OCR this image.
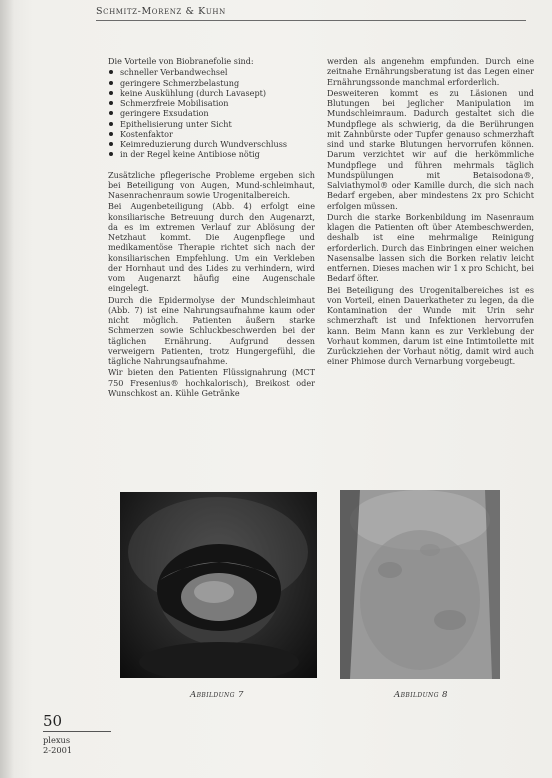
Schmitz-Morenz & Kuhn

Die Vorteile von Biobranefolie sind:

schneller Verbandwechsel
geringere Schmerzbelastung
keine Auskühlung (durch Lavasept)
Schmerzfreie Mobilisation
geringere Exsudation
Epithelisierung unter Sicht
Kostenfaktor
Keimreduzierung durch Wundverschluss
in der Regel keine Antibiose nötig

Zusätzliche pflegerische Probleme ergeben sich bei Beteiligung von Augen, Mund-schleimhaut, Nasenrachenraum sowie Urogenitalbereich.

Bei Augenbeteiligung (Abb. 4) erfolgt eine konsiliarische Betreuung durch den Augenarzt, da es im extremen Verlauf zur Ablösung der Netzhaut kommt. Die Augenpflege und medikamentöse Therapie richtet sich nach der konsiliarischen Empfehlung. Um ein Verkleben der Hornhaut und des Lides zu verhindern, wird vom Augenarzt häufig eine Augenschale eingelegt.

Durch die Epidermolyse der Mundschleimhaut (Abb. 7) ist eine Nahrungsaufnahme kaum oder nicht möglich. Patienten äußern starke Schmerzen sowie Schluckbeschwerden bei der täglichen Ernährung. Aufgrund dessen verweigern Patienten, trotz Hungergefühl, die tägliche Nahrungsaufnahme.

Wir bieten den Patienten Flüssignahrung (MCT 750 Fresenius® hochkalorisch), Breikost oder Wunschkost an. Kühle Getränke

werden als angenehm empfunden. Durch eine zeitnahe Ernährungsberatung ist das Legen einer Ernährungssonde manchmal erforderlich.

Desweiteren kommt es zu Läsionen und Blutungen bei jeglicher Manipulation im Mundschleimraum. Dadurch gestaltet sich die Mundpflege als schwierig, da die Berührungen mit Zahnbürste oder Tupfer genauso schmerzhaft sind und starke Blutungen hervorrufen können. Darum verzichtet wir auf die herkömmliche Mundpflege und führen mehrmals täglich Mundspülungen mit Betaisodona®, Salviathymol® oder Kamille durch, die sich nach Bedarf ergeben, aber mindestens 2x pro Schicht erfolgen müssen.

Durch die starke Borkenbildung im Nasenraum klagen die Patienten oft über Atembeschwerden, deshalb ist eine mehrmalige Reinigung erforderlich. Durch das Einbringen einer weichen Nasensalbe lassen sich die Borken relativ leicht entfernen. Dieses machen wir 1 x pro Schicht, bei Bedarf öfter.

Bei Beteiligung des Urogenitalbereiches ist es von Vorteil, einen Dauerkatheter zu legen, da die Kontamination der Wunde mit Urin sehr schmerzhaft ist und Infektionen hervorrufen kann. Beim Mann kann es zur Verklebung der Vorhaut kommen, darum ist eine Intimtoilette mit Zurückziehen der Vorhaut nötig, damit wird auch einer Phimose durch Vernarbung vorgebeugt.

Abbildung 7	Abbildung 8
50
plexus
2-2001
